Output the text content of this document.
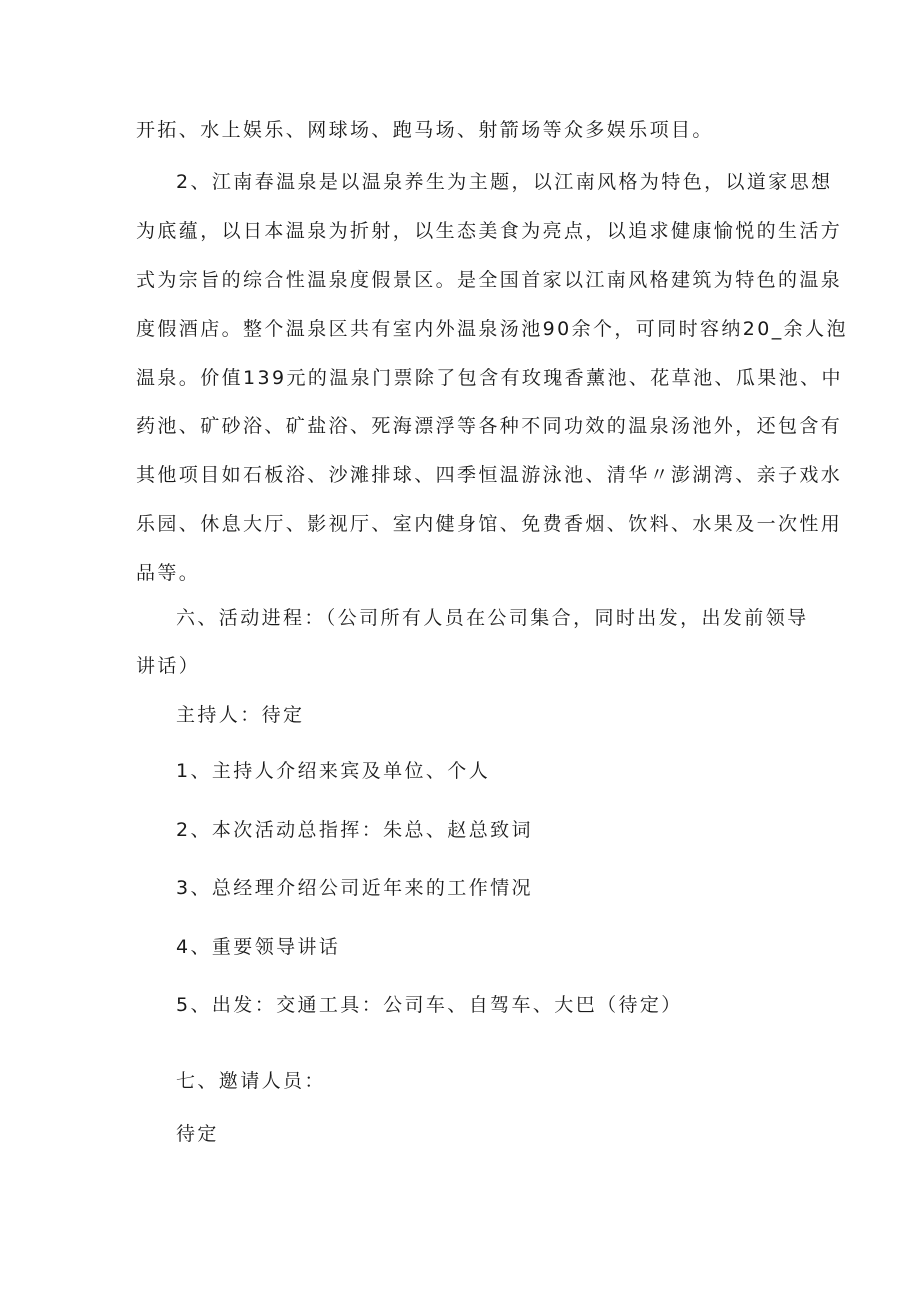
开拓、水上娱乐、网球场、跑马场、射箭场等众多娱乐项目。
2、江南春温泉是以温泉养生为主题，以江南风格为特色，以道家思想
为底蕴，以日本温泉为折射，以生态美食为亮点，以追求健康愉悦的生活方
式为宗旨的综合性温泉度假景区。是全国首家以江南风格建筑为特色的温泉
度假酒店。整个温泉区共有室内外温泉汤池90余个，可同时容纳20_余人泡
温泉。价值139元的温泉门票除了包含有玫瑰香薰池、花草池、瓜果池、中
药池、矿砂浴、矿盐浴、死海漂浮等各种不同功效的温泉汤池外，还包含有
其他项目如石板浴、沙滩排球、四季恒温游泳池、清华〃澎湖湾、亲子戏水
乐园、休息大厅、影视厅、室内健身馆、免费香烟、饮料、水果及一次性用
品等。
六、活动进程：（公司所有人员在公司集合，同时出发，出发前领导
讲话）
主持人：待定
1、主持人介绍来宾及单位、个人
2、本次活动总指挥：朱总、赵总致词
3、总经理介绍公司近年来的工作情况
4、重要领导讲话
5、出发：交通工具：公司车、自驾车、大巴（待定）
七、邀请人员：
待定
